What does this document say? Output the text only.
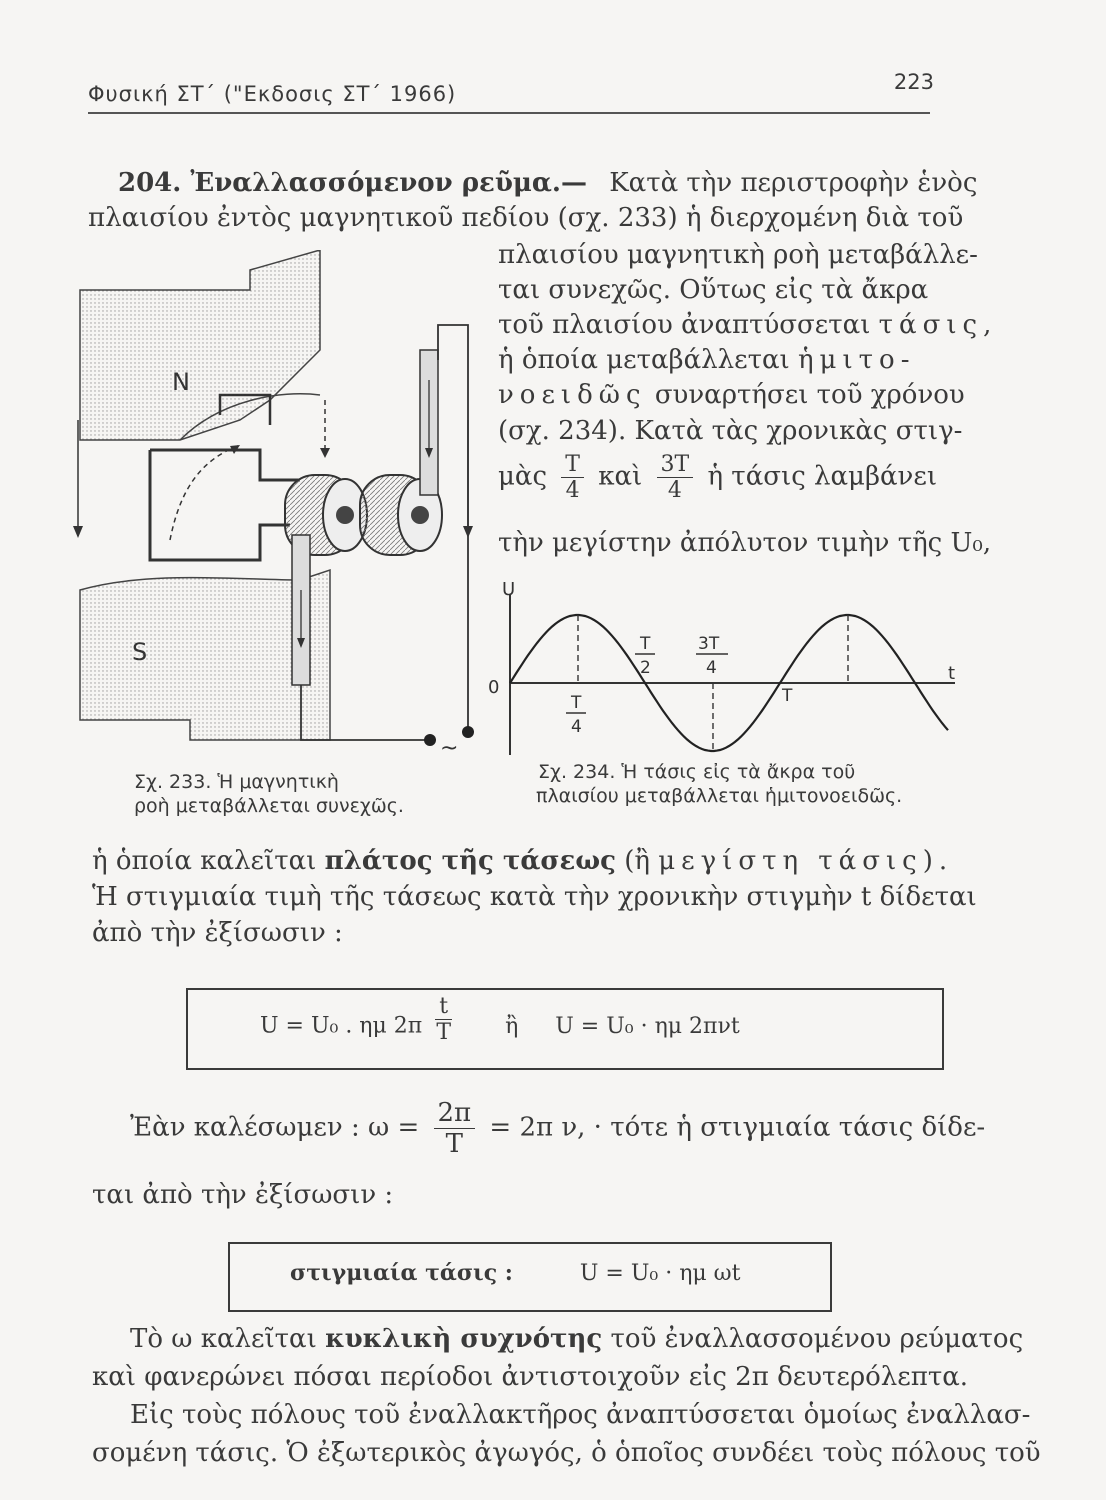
Φυσική ΣΤ΄ ("Εκδοσις ΣΤ΄ 1966)	223
204. Ἐναλλασσόμενον ρεῦμα.— Κατὰ τὴν περιστροφὴν ἑνὸς
πλαισίου ἐντὸς μαγνητικοῦ πεδίου (σχ. 233) ἡ διερχομένη διὰ τοῦ
πλαισίου μαγνητικὴ ροὴ μεταβάλλε-
ται συνεχῶς. Οὕτως εἰς τὰ ἄκρα
τοῦ πλαισίου ἀναπτύσσεται τάσις,
ἡ ὁποία μεταβάλλεται ἡμιτο-
νοειδῶς συναρτήσει τοῦ χρόνου
(σχ. 234). Κατὰ τὰς χρονικὰς στιγ-
μὰς $\frac{T}{4}$ καὶ $\frac{3T}{4}$ ἡ τάσις λαμβάνει
τὴν μεγίστην ἀπόλυτον τιμὴν τῆς U₀,
N
S
~
Σχ. 233. Ἡ μαγνητικὴ
ροὴ μεταβάλλεται συνεχῶς.
U
t
0
T
4
T
2
3T
4
T
Σχ. 234. Ἡ τάσις εἰς τὰ ἄκρα τοῦ
πλαισίου μεταβάλλεται ἡμιτονοειδῶς.
ἡ ὁποία καλεῖται πλάτος τῆς τάσεως (ἢ μεγίστη τάσις).
Ἡ στιγμιαία τιμὴ τῆς τάσεως κατὰ τὴν χρονικὴν στιγμὴν t δίδεται
ἀπὸ τὴν ἐξίσωσιν :
U = U₀ . ημ $2\pi \frac{t}{T}$ ἢ U = U₀ · ημ 2πνt
Ἐὰν καλέσωμεν : $\omega = \frac{2\pi}{T} = 2\pi$ ν, · τότε ἡ στιγμιαία τάσις δίδε-
ται ἀπὸ τὴν ἐξίσωσιν :
στιγμιαία τάσις :	U = U₀ · ημ ωt
Τὸ ω καλεῖται κυκλικὴ συχνότης τοῦ ἐναλλασσομένου ρεύματος
καὶ φανερώνει πόσαι περίοδοι ἀντιστοιχοῦν εἰς 2π δευτερόλεπτα.
Εἰς τοὺς πόλους τοῦ ἐναλλακτῆρος ἀναπτύσσεται ὁμοίως ἐναλλασ-
σομένη τάσις. Ὁ ἐξωτερικὸς ἀγωγός, ὁ ὁποῖος συνδέει τοὺς πόλους τοῦ
